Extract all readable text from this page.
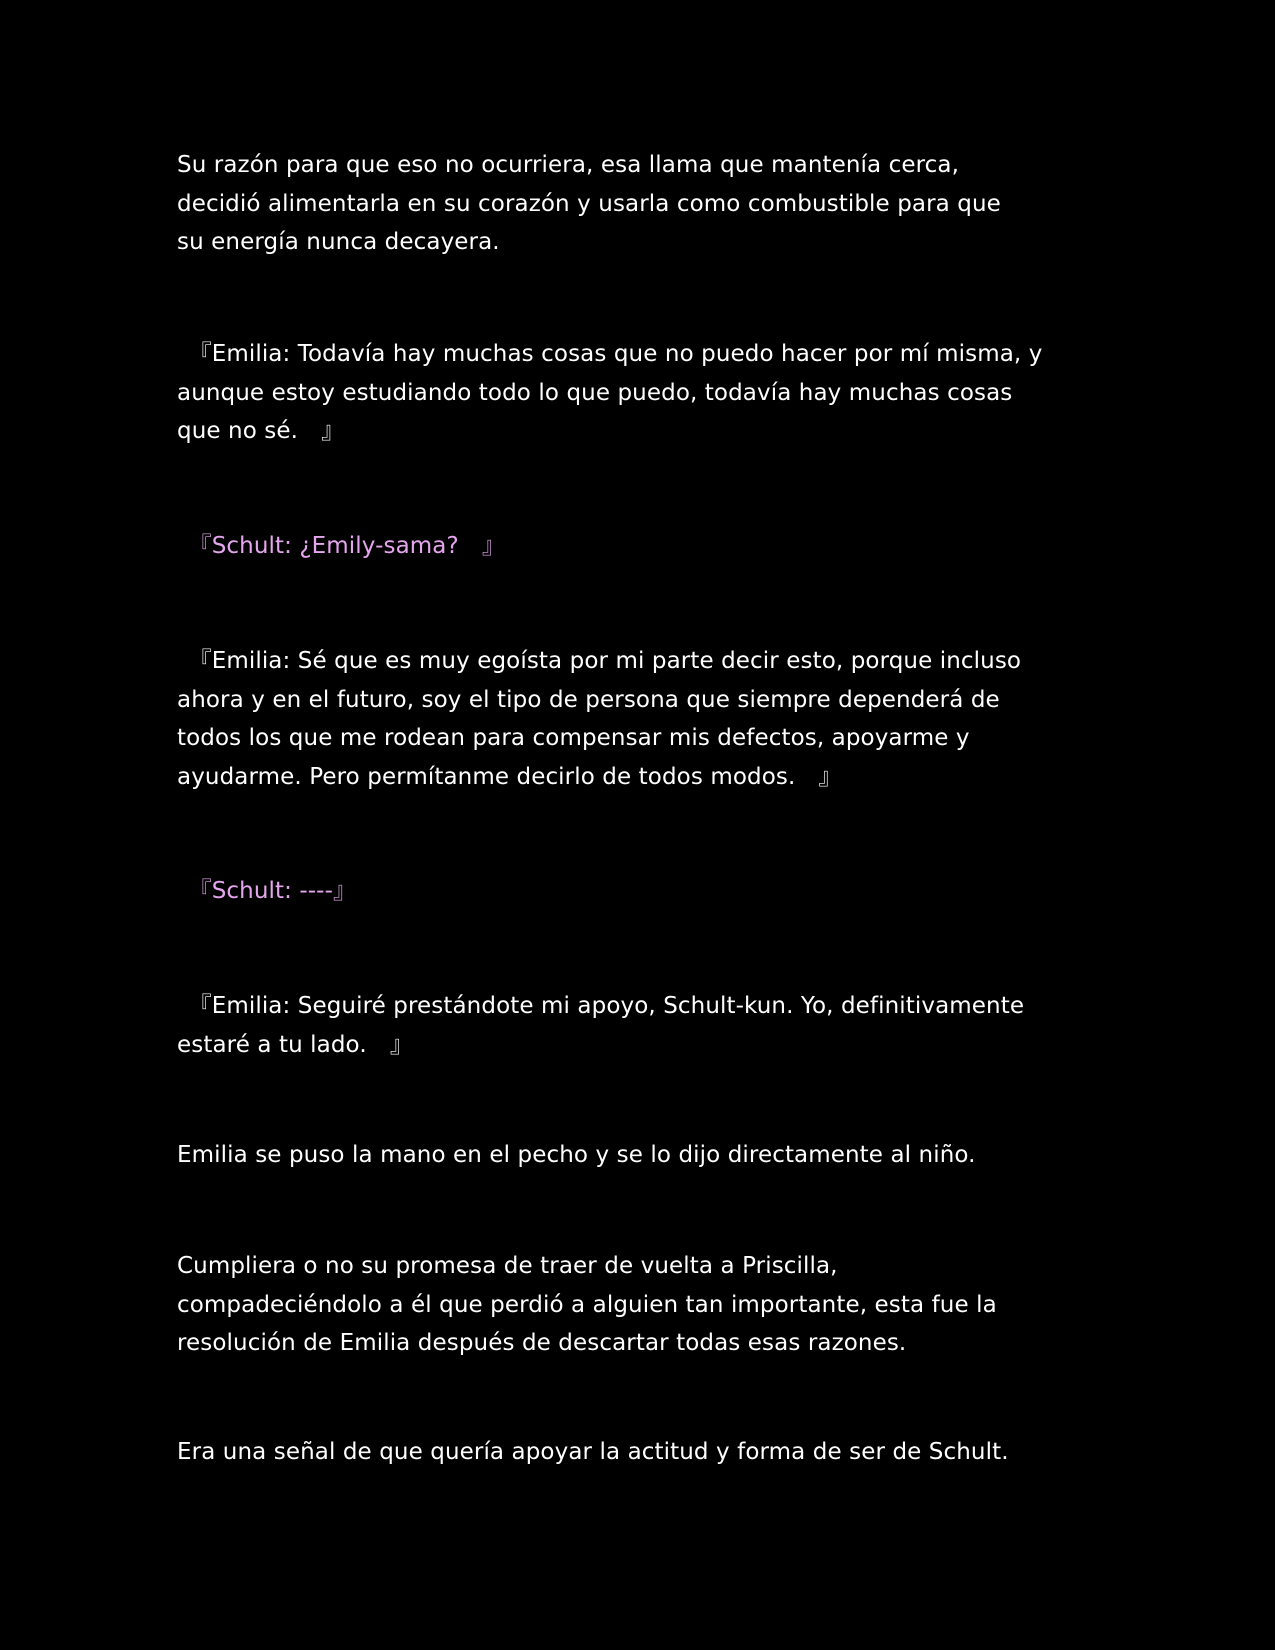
Su razón para que eso no ocurriera, esa llama que mantenía cerca,
decidió alimentarla en su corazón y usarla como combustible para que
su energía nunca decayera.

　『Emilia: Todavía hay muchas cosas que no puedo hacer por mí misma, y
aunque estoy estudiando todo lo que puedo, todavía hay muchas cosas
que no sé.　』

　『Schult: ¿Emily-sama?　』

　『Emilia: Sé que es muy egoísta por mi parte decir esto, porque incluso
ahora y en el futuro, soy el tipo de persona que siempre dependerá de
todos los que me rodean para compensar mis defectos, apoyarme y
ayudarme. Pero permítanme decirlo de todos modos.　』

　『Schult: ----』

　『Emilia: Seguiré prestándote mi apoyo, Schult-kun. Yo, definitivamente
estaré a tu lado.　』

Emilia se puso la mano en el pecho y se lo dijo directamente al niño.

Cumpliera o no su promesa de traer de vuelta a Priscilla,
compadeciéndolo a él que perdió a alguien tan importante, esta fue la
resolución de Emilia después de descartar todas esas razones.

Era una señal de que quería apoyar la actitud y forma de ser de Schult.
